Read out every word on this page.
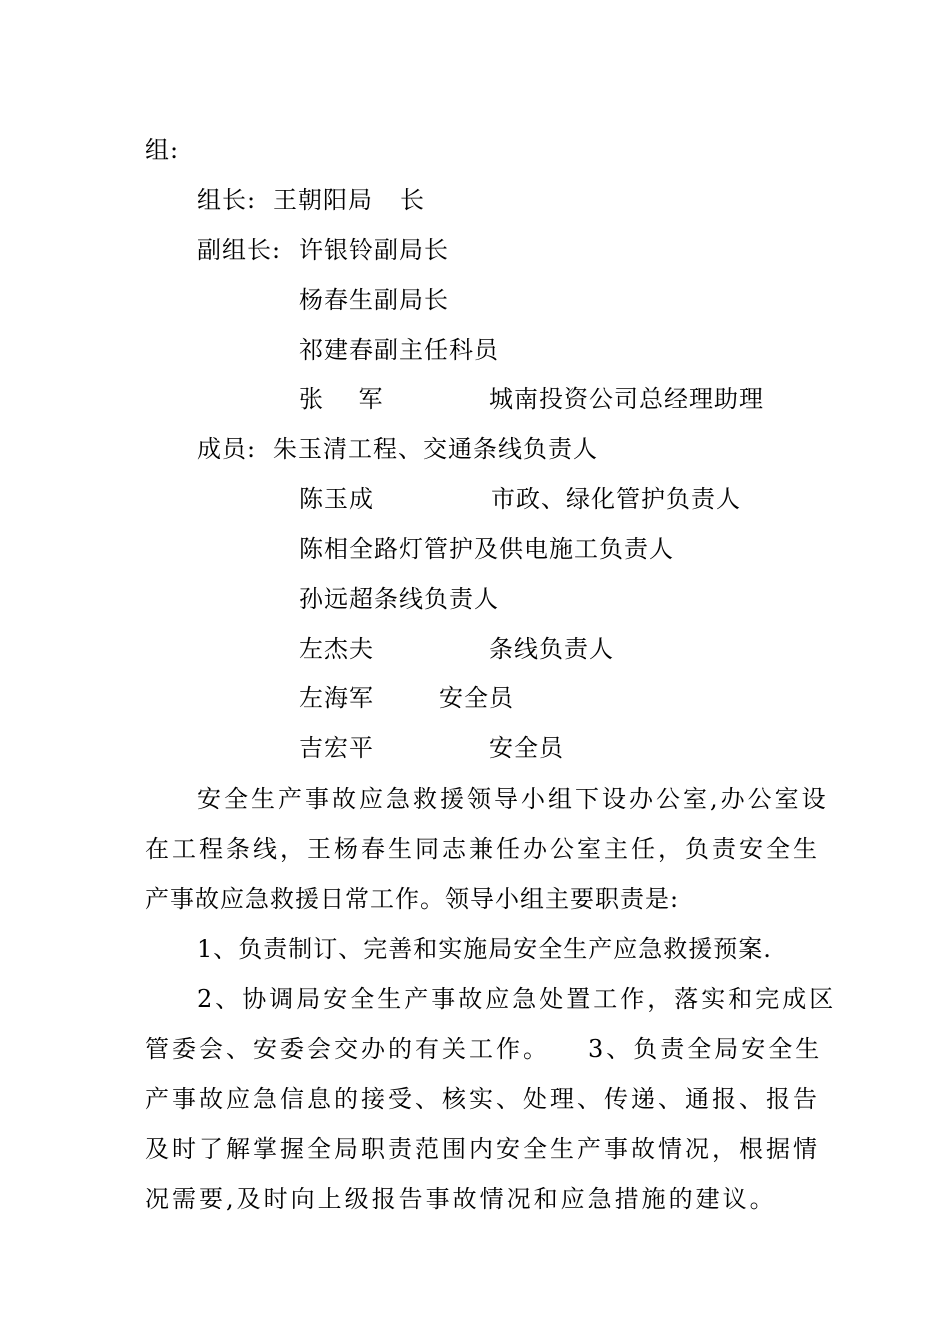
组:
组长: 王朝阳局 长
副组长: 许银铃副局长
杨春生副局长
祁建春副主任科员
张    军	城南投资公司总经理助理
成员: 朱玉清工程、交通条线负责人
陈玉成	市政、绿化管护负责人
陈相全路灯管护及供电施工负责人
孙远超条线负责人
左杰夫	条线负责人
左海军	安全员
吉宏平	安全员
安全生产事故应急救援领导小组下设办公室,办公室设
在工程条线，王杨春生同志兼任办公室主任，负责安全生
产事故应急救援日常工作。领导小组主要职责是:
1、负责制订、完善和实施局安全生产应急救援预案.
2、协调局安全生产事故应急处置工作，落实和完成区
管委会、安委会交办的有关工作。 3、负责全局安全生
产事故应急信息的接受、核实、处理、传递、通报、报告
及时了解掌握全局职责范围内安全生产事故情况，根据情
况需要,及时向上级报告事故情况和应急措施的建议。
